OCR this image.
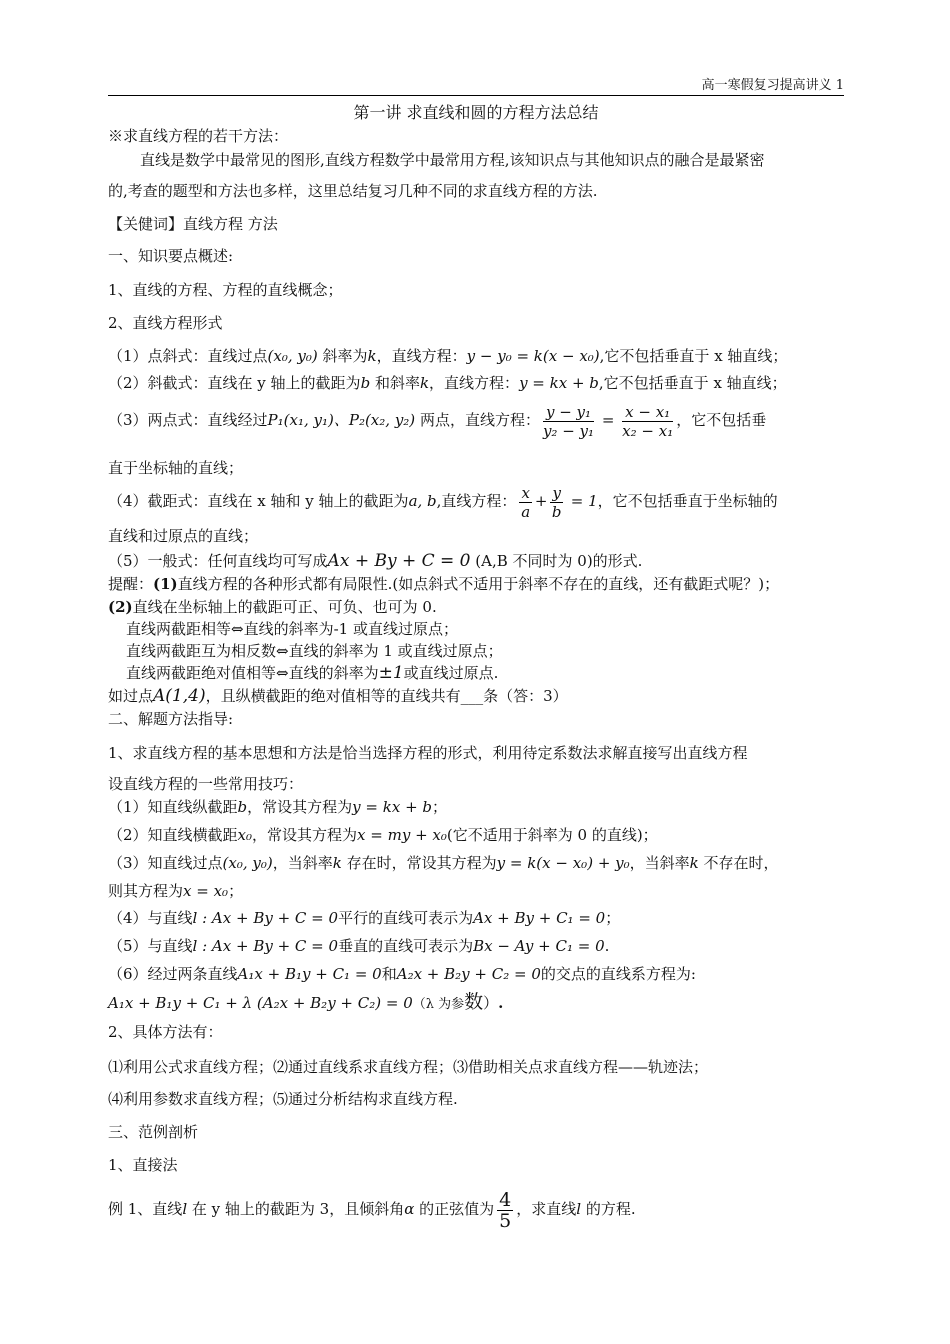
高一寒假复习提高讲义 1
第一讲 求直线和圆的方程方法总结
※求直线方程的若干方法：
直线是数学中最常见的图形,直线方程数学中最常用方程,该知识点与其他知识点的融合是最紧密
的,考查的题型和方法也多样，这里总结复习几种不同的求直线方程的方法.
【关健词】直线方程 方法
一、知识要点概述:
1、直线的方程、方程的直线概念；
2、直线方程形式
（1）点斜式：直线过点(x₀, y₀) 斜率为k，直线方程：y − y₀ = k(x − x₀),它不包括垂直于 x 轴直线；
（2）斜截式：直线在 y 轴上的截距为b 和斜率k，直线方程：y = kx + b,它不包括垂直于 x 轴直线；
（3）两点式：直线经过P₁(x₁, y₁)、P₂(x₂, y₂) 两点，直线方程： $\frac{\text{y − y₁}}{\text{y₂ − y₁}} = \frac{\text{x − x₁}}{\text{x₂ − x₁}}$ ，它不包括垂
直于坐标轴的直线；
（4）截距式：直线在 x 轴和 y 轴上的截距为a, b,直线方程： $\frac{x}{a} + \frac{y}{b} = 1$，它不包括垂直于坐标轴的
直线和过原点的直线；
（5）一般式：任何直线均可写成Ax + By + C = 0 (A,B 不同时为 0)的形式.
提醒：(1)直线方程的各种形式都有局限性.(如点斜式不适用于斜率不存在的直线，还有截距式呢？)；
(2)直线在坐标轴上的截距可正、可负、也可为 0.
直线两截距相等⇔直线的斜率为-1 或直线过原点；
直线两截距互为相反数⇔直线的斜率为 1 或直线过原点；
直线两截距绝对值相等⇔直线的斜率为±1或直线过原点.
如过点A(1,4)，且纵横截距的绝对值相等的直线共有___条（答：3）
二、解题方法指导:
1、求直线方程的基本思想和方法是恰当选择方程的形式，利用待定系数法求解直接写出直线方程
设直线方程的一些常用技巧：
（1）知直线纵截距b，常设其方程为y = kx + b；
（2）知直线横截距x₀，常设其方程为x = my + x₀(它不适用于斜率为 0 的直线)；
（3）知直线过点(x₀, y₀)，当斜率k 存在时，常设其方程为y = k(x − x₀) + y₀，当斜率k 不存在时，
则其方程为x = x₀；
（4）与直线l : Ax + By + C = 0平行的直线可表示为Ax + By + C₁ = 0；
（5）与直线l : Ax + By + C = 0垂直的直线可表示为Bx − Ay + C₁ = 0.
（6）经过两条直线A₁x + B₁y + C₁ = 0和A₂x + B₂y + C₂ = 0的交点的直线系方程为:
A₁x + B₁y + C₁ + λ (A₂x + B₂y + C₂) = 0（λ 为参数）.
2、具体方法有：
⑴利用公式求直线方程；⑵通过直线系求直线方程；⑶借助相关点求直线方程——轨迹法；
⑷利用参数求直线方程；⑸通过分析结构求直线方程.
三、范例剖析
1、直接法
例 1、直线l 在 y 轴上的截距为 3，且倾斜角α 的正弦值为 $\frac{4}{5}$ ，求直线l 的方程.
